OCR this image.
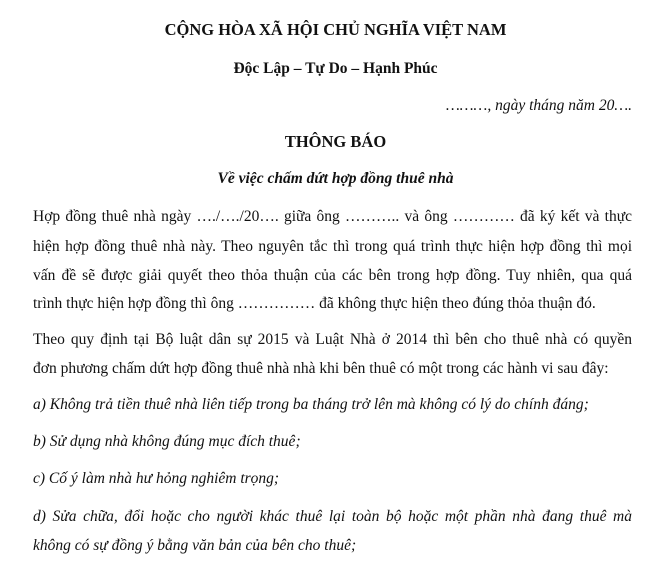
CỘNG HÒA XÃ HỘI CHỦ NGHĨA VIỆT NAM
Độc Lập – Tự Do – Hạnh Phúc
………, ngày tháng năm 20….
THÔNG BÁO
Về việc chấm dứt hợp đồng thuê nhà
Hợp đồng thuê nhà ngày …./…./20…. giữa ông ……….. và ông ………… đã ký kết và thực
hiện hợp đồng thuê nhà này. Theo nguyên tắc thì trong quá trình thực hiện hợp đồng thì mọi
vấn đề sẽ được giải quyết theo thỏa thuận của các bên trong hợp đồng. Tuy nhiên, qua quá
trình thực hiện hợp đồng thì ông …………… đã không thực hiện theo đúng thỏa thuận đó.
Theo quy định tại Bộ luật dân sự 2015 và Luật Nhà ở 2014 thì bên cho thuê nhà có quyền
đơn phương chấm dứt hợp đồng thuê nhà nhà khi bên thuê có một trong các hành vi sau đây:
a) Không trả tiền thuê nhà liên tiếp trong ba tháng trở lên mà không có lý do chính đáng;
b) Sử dụng nhà không đúng mục đích thuê;
c) Cố ý làm nhà hư hỏng nghiêm trọng;
d) Sửa chữa, đổi hoặc cho người khác thuê lại toàn bộ hoặc một phần nhà đang thuê mà
không có sự đồng ý bằng văn bản của bên cho thuê;
